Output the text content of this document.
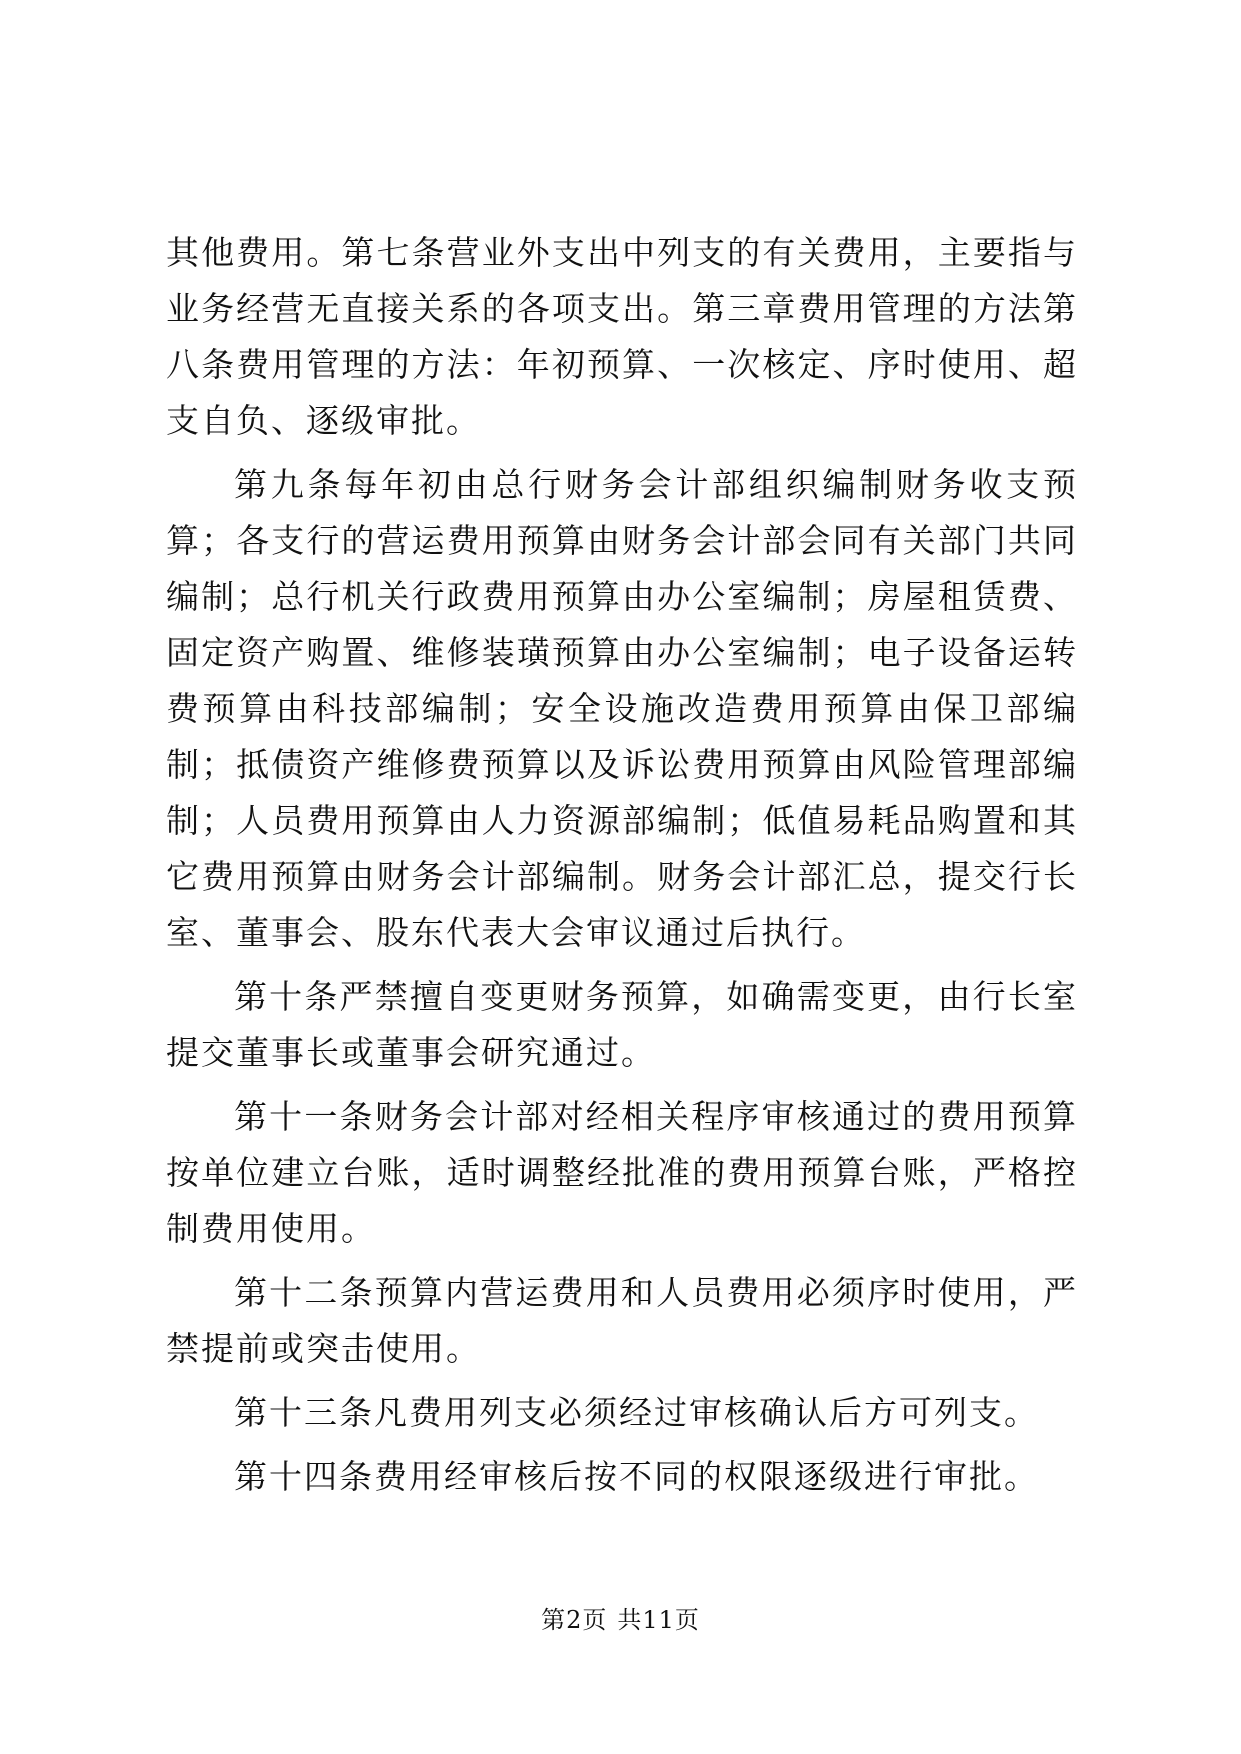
其他费用。第七条营业外支出中列支的有关费用，主要指与业务经营无直接关系的各项支出。第三章费用管理的方法第八条费用管理的方法：年初预算、一次核定、序时使用、超支自负、逐级审批。

第九条每年初由总行财务会计部组织编制财务收支预算；各支行的营运费用预算由财务会计部会同有关部门共同编制；总行机关行政费用预算由办公室编制；房屋租赁费、固定资产购置、维修装璜预算由办公室编制；电子设备运转费预算由科技部编制；安全设施改造费用预算由保卫部编制；抵债资产维修费预算以及诉讼费用预算由风险管理部编制；人员费用预算由人力资源部编制；低值易耗品购置和其它费用预算由财务会计部编制。财务会计部汇总，提交行长室、董事会、股东代表大会审议通过后执行。

第十条严禁擅自变更财务预算，如确需变更，由行长室提交董事长或董事会研究通过。

第十一条财务会计部对经相关程序审核通过的费用预算按单位建立台账，适时调整经批准的费用预算台账，严格控制费用使用。

第十二条预算内营运费用和人员费用必须序时使用，严禁提前或突击使用。

第十三条凡费用列支必须经过审核确认后方可列支。

第十四条费用经审核后按不同的权限逐级进行审批。

第2页 共11页
